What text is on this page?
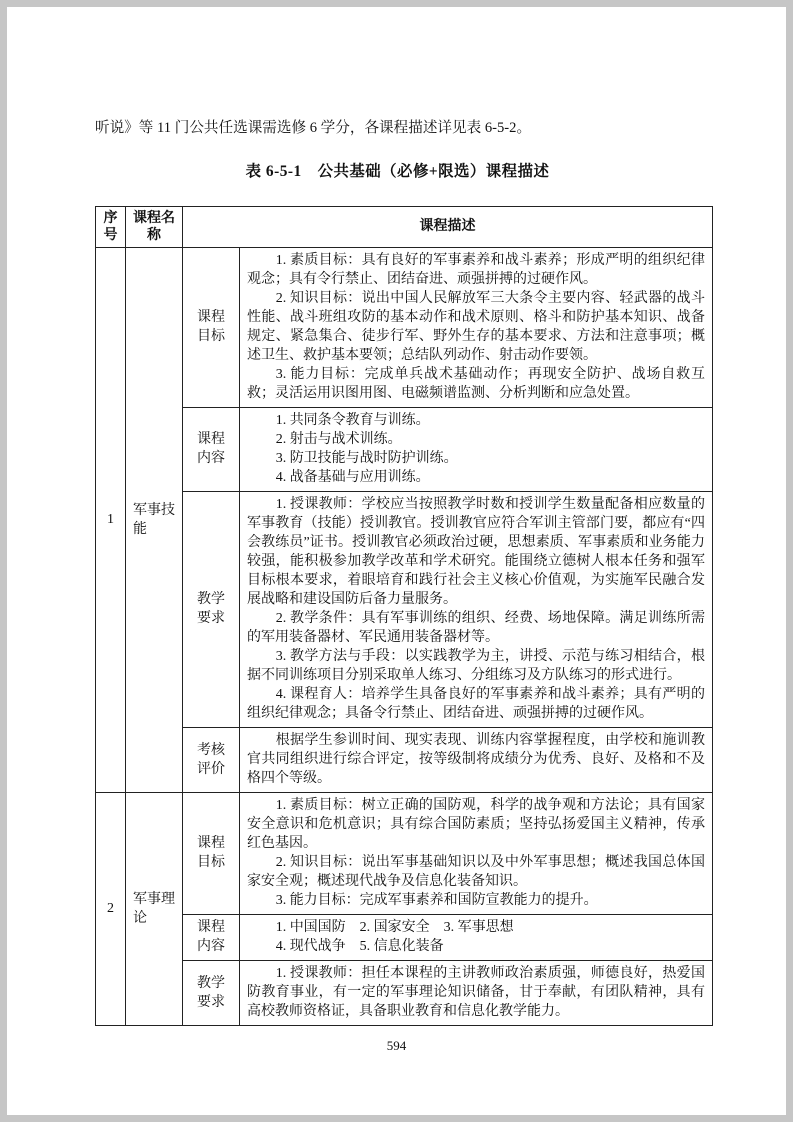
听说》等 11 门公共任选课需选修 6 学分，各课程描述详见表 6-5-2。

表 6-5-1　公共基础（必修+限选）课程描述
序号	课程名称	课程描述	
1	军事技能	课程目标	1. 素质目标：具有良好的军事素养和战斗素养；形成严明的组织纪律观念；具有令行禁止、团结奋进、顽强拼搏的过硬作风。

2. 知识目标：说出中国人民解放军三大条令主要内容、轻武器的战斗性能、战斗班组攻防的基本动作和战术原则、格斗和防护基本知识、战备规定、紧急集合、徒步行军、野外生存的基本要求、方法和注意事项；概述卫生、救护基本要领；总结队列动作、射击动作要领。

3. 能力目标：完成单兵战术基础动作；再现安全防护、战场自救互救；灵活运用识图用图、电磁频谱监测、分析判断和应急处置。

		课程内容	1. 共同条令教育与训练。

2. 射击与战术训练。

3. 防卫技能与战时防护训练。

4. 战备基础与应用训练。

		教学要求	1. 授课教师：学校应当按照教学时数和授训学生数量配备相应数量的军事教育（技能）授训教官。授训教官应符合军训主管部门要，都应有“四会教练员”证书。授训教官必须政治过硬，思想素质、军事素质和业务能力较强，能积极参加教学改革和学术研究。能围绕立德树人根本任务和强军目标根本要求，着眼培育和践行社会主义核心价值观，为实施军民融合发展战略和建设国防后备力量服务。

2. 教学条件：具有军事训练的组织、经费、场地保障。满足训练所需的军用装备器材、军民通用装备器材等。

3. 教学方法与手段：以实践教学为主，讲授、示范与练习相结合，根据不同训练项目分别采取单人练习、分组练习及方队练习的形式进行。

4. 课程育人：培养学生具备良好的军事素养和战斗素养；具有严明的组织纪律观念；具备令行禁止、团结奋进、顽强拼搏的过硬作风。

		考核评价	根据学生参训时间、现实表现、训练内容掌握程度，由学校和施训教官共同组织进行综合评定，按等级制将成绩分为优秀、良好、及格和不及格四个等级。

2	军事理论	课程目标	1. 素质目标：树立正确的国防观，科学的战争观和方法论；具有国家安全意识和危机意识；具有综合国防素质；坚持弘扬爱国主义精神，传承红色基因。

2. 知识目标：说出军事基础知识以及中外军事思想；概述我国总体国家安全观；概述现代战争及信息化装备知识。

3. 能力目标：完成军事素养和国防宣教能力的提升。

		课程内容	1. 中国国防　2. 国家安全　3. 军事思想

4. 现代战争　5. 信息化装备

		教学要求	1. 授课教师：担任本课程的主讲教师政治素质强，师德良好，热爱国防教育事业，有一定的军事理论知识储备，甘于奉献，有团队精神，具有高校教师资格证，具备职业教育和信息化教学能力。

594
